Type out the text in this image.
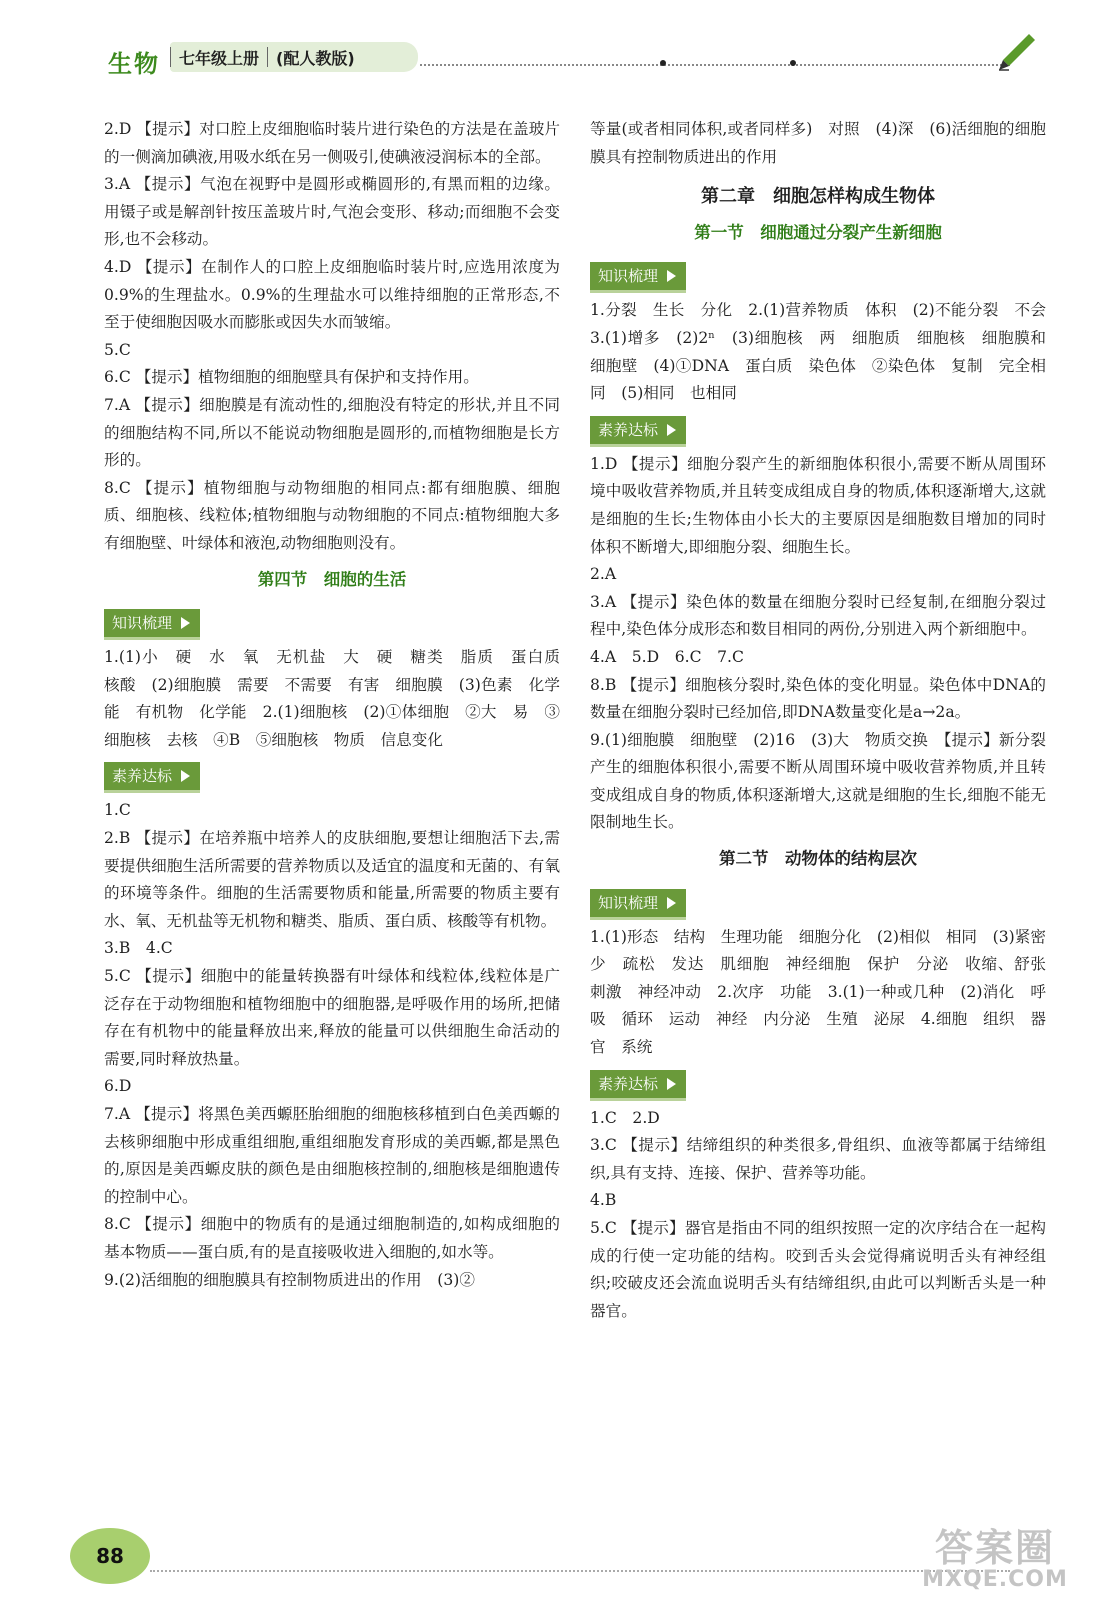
生物	七年级上册	(配人教版)

2.D 【提示】对口腔上皮细胞临时装片进行染色的方法是在盖玻片的一侧滴加碘液,用吸水纸在另一侧吸引,使碘液浸润标本的全部。

3.A 【提示】气泡在视野中是圆形或椭圆形的,有黑而粗的边缘。用镊子或是解剖针按压盖玻片时,气泡会变形、移动;而细胞不会变形,也不会移动。

4.D 【提示】在制作人的口腔上皮细胞临时装片时,应选用浓度为0.9%的生理盐水。0.9%的生理盐水可以维持细胞的正常形态,不至于使细胞因吸水而膨胀或因失水而皱缩。

5.C

6.C 【提示】植物细胞的细胞壁具有保护和支持作用。

7.A 【提示】细胞膜是有流动性的,细胞没有特定的形状,并且不同的细胞结构不同,所以不能说动物细胞是圆形的,而植物细胞是长方形的。

8.C 【提示】植物细胞与动物细胞的相同点:都有细胞膜、细胞质、细胞核、线粒体;植物细胞与动物细胞的不同点:植物细胞大多有细胞壁、叶绿体和液泡,动物细胞则没有。

第四节　细胞的生活
知识梳理

1.(1)小　硬　水　氧　无机盐　大　硬　糖类　脂质　蛋白质　核酸　(2)细胞膜　需要　不需要　有害　细胞膜　(3)色素　化学能　有机物　化学能　2.(1)细胞核　(2)①体细胞　②大　易　③细胞核　去核　④B　⑤细胞核　物质　信息变化

素养达标

1.C

2.B 【提示】在培养瓶中培养人的皮肤细胞,要想让细胞活下去,需要提供细胞生活所需要的营养物质以及适宜的温度和无菌的、有氧的环境等条件。细胞的生活需要物质和能量,所需要的物质主要有水、氧、无机盐等无机物和糖类、脂质、蛋白质、核酸等有机物。

3.B　4.C

5.C 【提示】细胞中的能量转换器有叶绿体和线粒体,线粒体是广泛存在于动物细胞和植物细胞中的细胞器,是呼吸作用的场所,把储存在有机物中的能量释放出来,释放的能量可以供细胞生命活动的需要,同时释放热量。

6.D

7.A 【提示】将黑色美西螈胚胎细胞的细胞核移植到白色美西螈的去核卵细胞中形成重组细胞,重组细胞发育形成的美西螈,都是黑色的,原因是美西螈皮肤的颜色是由细胞核控制的,细胞核是细胞遗传的控制中心。

8.C 【提示】细胞中的物质有的是通过细胞制造的,如构成细胞的基本物质——蛋白质,有的是直接吸收进入细胞的,如水等。

9.(2)活细胞的细胞膜具有控制物质进出的作用　(3)②

等量(或者相同体积,或者同样多)　对照　(4)深　(6)活细胞的细胞膜具有控制物质进出的作用

第二章　细胞怎样构成生物体
第一节　细胞通过分裂产生新细胞
知识梳理

1.分裂　生长　分化　2.(1)营养物质　体积　(2)不能分裂　不会　3.(1)增多　(2)2ⁿ　(3)细胞核　两　细胞质　细胞核　细胞膜和细胞壁　(4)①DNA　蛋白质　染色体　②染色体　复制　完全相同　(5)相同　也相同

素养达标

1.D 【提示】细胞分裂产生的新细胞体积很小,需要不断从周围环境中吸收营养物质,并且转变成组成自身的物质,体积逐渐增大,这就是细胞的生长;生物体由小长大的主要原因是细胞数目增加的同时体积不断增大,即细胞分裂、细胞生长。

2.A

3.A 【提示】染色体的数量在细胞分裂时已经复制,在细胞分裂过程中,染色体分成形态和数目相同的两份,分别进入两个新细胞中。

4.A　5.D　6.C　7.C

8.B 【提示】细胞核分裂时,染色体的变化明显。染色体中DNA的数量在细胞分裂时已经加倍,即DNA数量变化是a→2a。

9.(1)细胞膜　细胞壁　(2)16　(3)大　物质交换　【提示】新分裂产生的细胞体积很小,需要不断从周围环境中吸收营养物质,并且转变成组成自身的物质,体积逐渐增大,这就是细胞的生长,细胞不能无限制地生长。

第二节　动物体的结构层次
知识梳理

1.(1)形态　结构　生理功能　细胞分化　(2)相似　相同　(3)紧密　少　疏松　发达　肌细胞　神经细胞　保护　分泌　收缩、舒张　刺激　神经冲动　2.次序　功能　3.(1)一种或几种　(2)消化　呼吸　循环　运动　神经　内分泌　生殖　泌尿　4.细胞　组织　器官　系统

素养达标

1.C　2.D

3.C 【提示】结缔组织的种类很多,骨组织、血液等都属于结缔组织,具有支持、连接、保护、营养等功能。

4.B

5.C 【提示】器官是指由不同的组织按照一定的次序结合在一起构成的行使一定功能的结构。咬到舌头会觉得痛说明舌头有神经组织;咬破皮还会流血说明舌头有结缔组织,由此可以判断舌头是一种器官。

88	答案圈
MXQE.COM
